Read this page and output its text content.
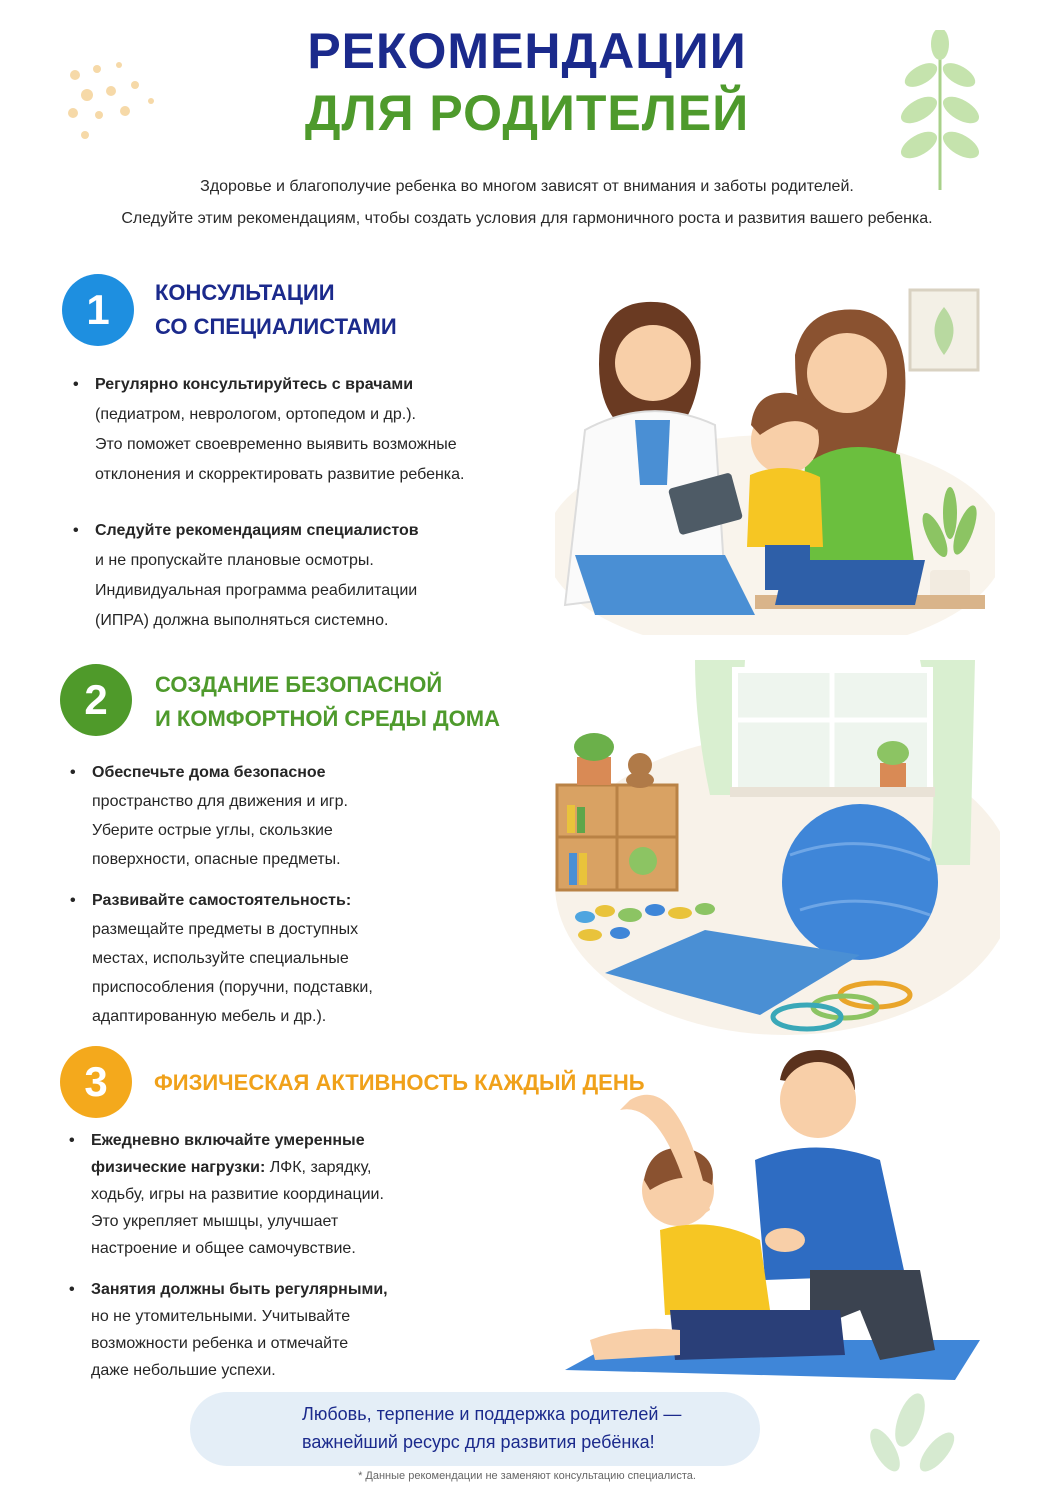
РЕКОМЕНДАЦИИ
ДЛЯ РОДИТЕЛЕЙ
Здоровье и благополучие ребенка во многом зависят от внимания и заботы родителей.
Следуйте этим рекомендациям, чтобы создать условия для гармоничного роста и развития вашего ребенка.
1	КОНСУЛЬТАЦИИ
СО СПЕЦИАЛИСТАМИ
• Регулярно консультируйтесь с врачами
(педиатром, неврологом, ортопедом и др.).
Это поможет своевременно выявить возможные
отклонения и скорректировать развитие ребенка.
• Следуйте рекомендациям специалистов
и не пропускайте плановые осмотры.
Индивидуальная программа реабилитации
(ИПРА) должна выполняться системно.
2	СОЗДАНИЕ БЕЗОПАСНОЙ
И КОМФОРТНОЙ СРЕДЫ ДОМА
• Обеспечьте дома безопасное
пространство для движения и игр.
Уберите острые углы, скользкие
поверхности, опасные предметы.
• Развивайте самостоятельность:
размещайте предметы в доступных
местах, используйте специальные
приспособления (поручни, подставки,
адаптированную мебель и др.).
3	ФИЗИЧЕСКАЯ АКТИВНОСТЬ КАЖДЫЙ ДЕНЬ
• Ежедневно включайте умеренные
физические нагрузки: ЛФК, зарядку,
ходьбу, игры на развитие координации.
Это укрепляет мышцы, улучшает
настроение и общее самочувствие.
• Занятия должны быть регулярными,
но не утомительными. Учитывайте
возможности ребенка и отмечайте
даже небольшие успехи.
Любовь, терпение и поддержка родителей —
важнейший ресурс для развития ребёнка!
* Данные рекомендации не заменяют консультацию специалиста.
